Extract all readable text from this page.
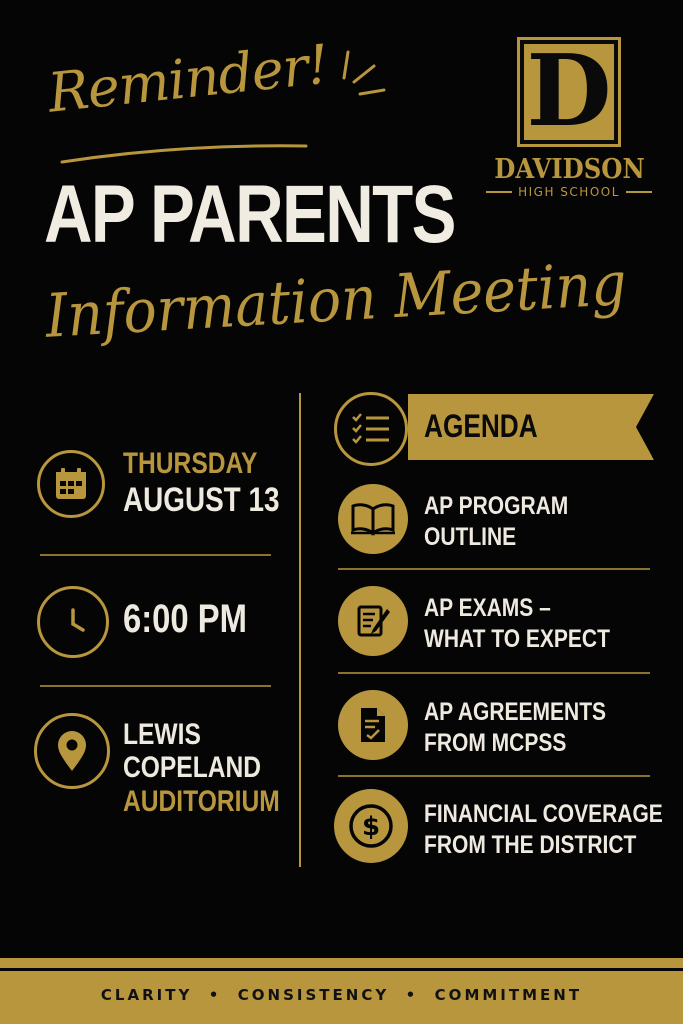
Reminder!
AP PARENTS
Information Meeting
D
DAVIDSON
HIGH SCHOOL
THURSDAY
AUGUST 13
6:00 PM
LEWIS
COPELAND
AUDITORIUM
AGENDA
AP PROGRAM
OUTLINE
AP EXAMS –
WHAT TO EXPECT
AP AGREEMENTS
FROM MCPSS
$ FINANCIAL COVERAGE
FROM THE DISTRICT
CLARITY  •  CONSISTENCY  •  COMMITMENT
